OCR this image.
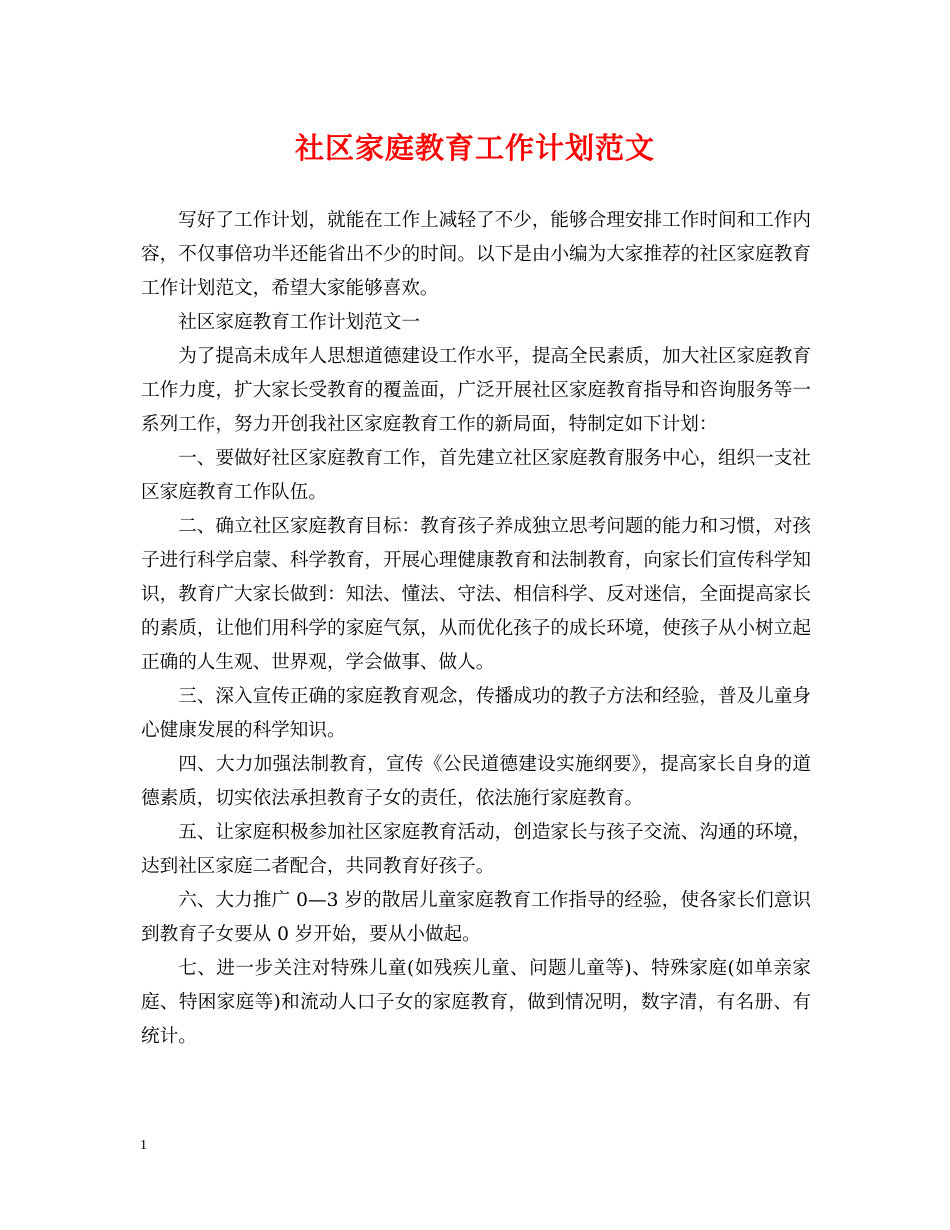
社区家庭教育工作计划范文

写好了工作计划，就能在工作上减轻了不少，能够合理安排工作时间和工作内容，不仅事倍功半还能省出不少的时间。以下是由小编为大家推荐的社区家庭教育工作计划范文，希望大家能够喜欢。

社区家庭教育工作计划范文一

为了提高未成年人思想道德建设工作水平，提高全民素质，加大社区家庭教育工作力度，扩大家长受教育的覆盖面，广泛开展社区家庭教育指导和咨询服务等一系列工作，努力开创我社区家庭教育工作的新局面，特制定如下计划：

一、要做好社区家庭教育工作，首先建立社区家庭教育服务中心，组织一支社区家庭教育工作队伍。

二、确立社区家庭教育目标：教育孩子养成独立思考问题的能力和习惯，对孩子进行科学启蒙、科学教育，开展心理健康教育和法制教育，向家长们宣传科学知识，教育广大家长做到：知法、懂法、守法、相信科学、反对迷信，全面提高家长的素质，让他们用科学的家庭气氛，从而优化孩子的成长环境，使孩子从小树立起正确的人生观、世界观，学会做事、做人。

三、深入宣传正确的家庭教育观念，传播成功的教子方法和经验，普及儿童身心健康发展的科学知识。

四、大力加强法制教育，宣传《公民道德建设实施纲要》，提高家长自身的道德素质，切实依法承担教育子女的责任，依法施行家庭教育。

五、让家庭积极参加社区家庭教育活动，创造家长与孩子交流、沟通的环境，达到社区家庭二者配合，共同教育好孩子。

六、大力推广 0—3 岁的散居儿童家庭教育工作指导的经验，使各家长们意识到教育子女要从 0 岁开始，要从小做起。

七、进一步关注对特殊儿童(如残疾儿童、问题儿童等)、特殊家庭(如单亲家庭、特困家庭等)和流动人口子女的家庭教育，做到情况明，数字清，有名册、有统计。

1
